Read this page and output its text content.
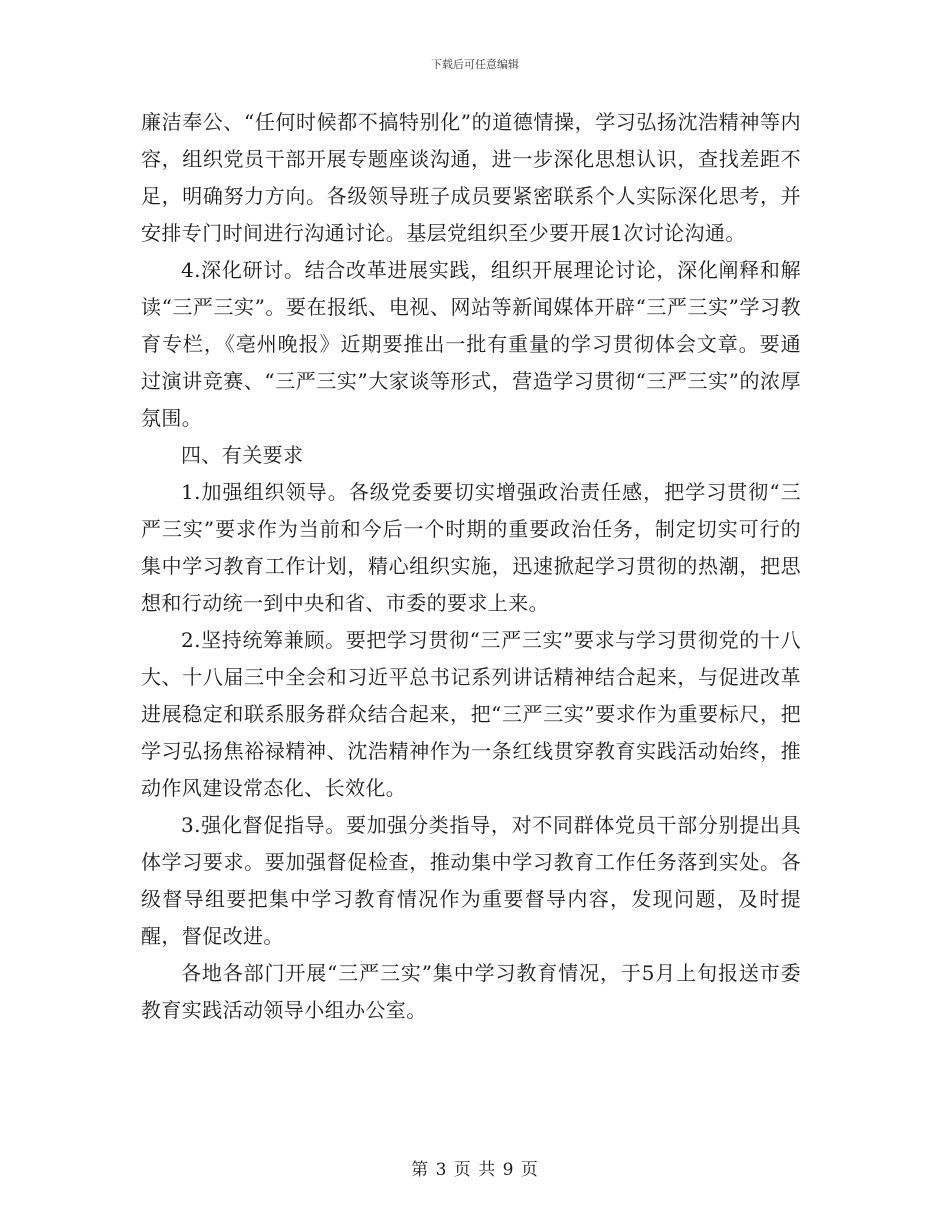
下载后可任意编辑

廉洁奉公、“任何时候都不搞特别化”的道德情操，学习弘扬沈浩精神等内容，组织党员干部开展专题座谈沟通，进一步深化思想认识，查找差距不足，明确努力方向。各级领导班子成员要紧密联系个人实际深化思考，并安排专门时间进行沟通讨论。基层党组织至少要开展1次讨论沟通。

4.深化研讨。结合改革进展实践，组织开展理论讨论，深化阐释和解读“三严三实”。要在报纸、电视、网站等新闻媒体开辟“三严三实”学习教育专栏，《亳州晚报》近期要推出一批有重量的学习贯彻体会文章。要通过演讲竞赛、“三严三实”大家谈等形式，营造学习贯彻“三严三实”的浓厚氛围。

四、有关要求

1.加强组织领导。各级党委要切实增强政治责任感，把学习贯彻“三严三实”要求作为当前和今后一个时期的重要政治任务，制定切实可行的集中学习教育工作计划，精心组织实施，迅速掀起学习贯彻的热潮，把思想和行动统一到中央和省、市委的要求上来。

2.坚持统筹兼顾。要把学习贯彻“三严三实”要求与学习贯彻党的十八大、十八届三中全会和习近平总书记系列讲话精神结合起来，与促进改革进展稳定和联系服务群众结合起来，把“三严三实”要求作为重要标尺，把学习弘扬焦裕禄精神、沈浩精神作为一条红线贯穿教育实践活动始终，推动作风建设常态化、长效化。

3.强化督促指导。要加强分类指导，对不同群体党员干部分别提出具体学习要求。要加强督促检查，推动集中学习教育工作任务落到实处。各级督导组要把集中学习教育情况作为重要督导内容，发现问题，及时提醒，督促改进。

各地各部门开展“三严三实”集中学习教育情况，于5月上旬报送市委教育实践活动领导小组办公室。

第 3 页 共 9 页
